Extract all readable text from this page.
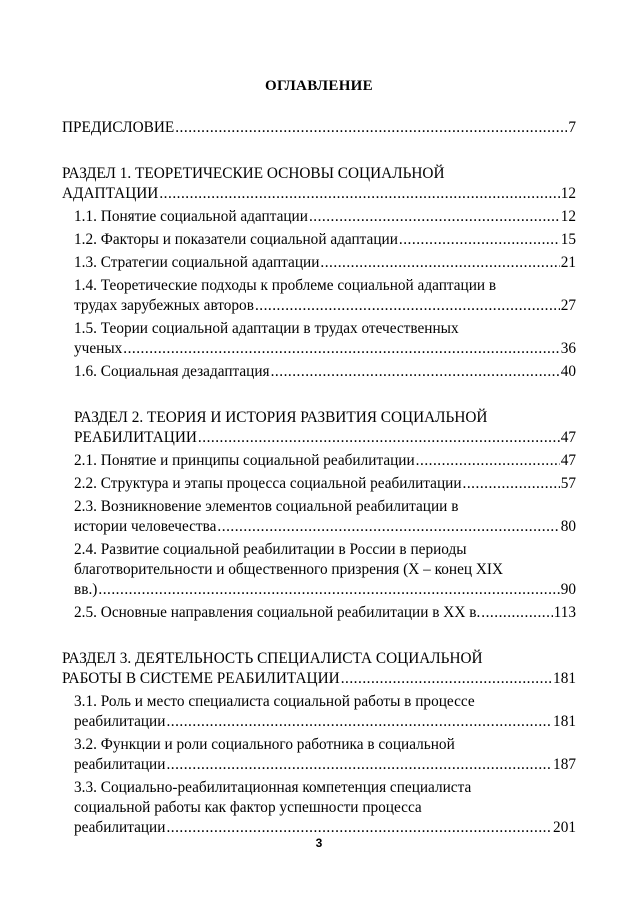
ОГЛАВЛЕНИЕ
ПРЕДИСЛОВИЕ .....	7
РАЗДЕЛ 1. ТЕОРЕТИЧЕСКИЕ ОСНОВЫ СОЦИАЛЬНОЙ
АДАПТАЦИИ .....	12
1.1. Понятие социальной адаптации .....	12
1.2. Факторы и показатели социальной адаптации .....	15
1.3. Стратегии социальной адаптации .....	21
1.4. Теоретические подходы к проблеме социальной адаптации в
трудах зарубежных авторов .....	27
1.5. Теории социальной адаптации в трудах отечественных
ученых .....	36
1.6. Социальная дезадаптация .....	40
РАЗДЕЛ 2. ТЕОРИЯ И ИСТОРИЯ РАЗВИТИЯ СОЦИАЛЬНОЙ
РЕАБИЛИТАЦИИ .....	47
2.1. Понятие и принципы социальной реабилитации .....	47
2.2. Структура и этапы процесса социальной реабилитации .....	57
2.3. Возникновение элементов социальной реабилитации в
истории человечества .....	80
2.4. Развитие социальной реабилитации в России в периоды
благотворительности и общественного призрения (X – конец XIX
вв.) .....	90
2.5. Основные направления социальной реабилитации в XX в. .....	113
РАЗДЕЛ 3. ДЕЯТЕЛЬНОСТЬ СПЕЦИАЛИСТА СОЦИАЛЬНОЙ
РАБОТЫ В СИСТЕМЕ РЕАБИЛИТАЦИИ .....	181
3.1. Роль и место специалиста социальной работы в процессе
реабилитации .....	181
3.2. Функции и роли социального работника в социальной
реабилитации .....	187
3.3. Социально-реабилитационная компетенция специалиста
социальной работы как фактор успешности процесса
реабилитации .....	201
3
